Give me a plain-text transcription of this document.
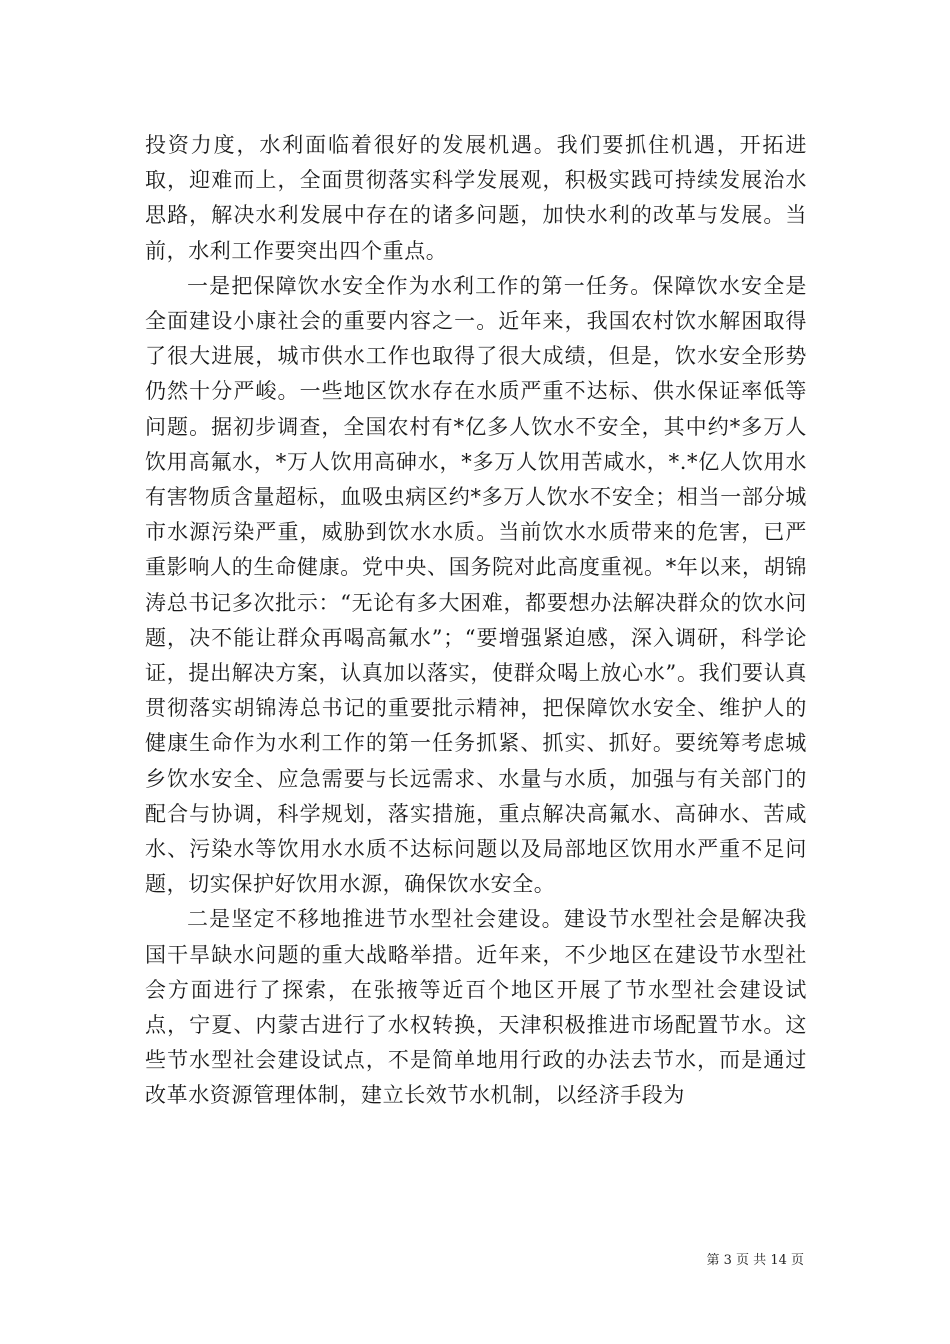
投资力度，水利面临着很好的发展机遇。我们要抓住机遇，开拓进取，迎难而上，全面贯彻落实科学发展观，积极实践可持续发展治水思路，解决水利发展中存在的诸多问题，加快水利的改革与发展。当前，水利工作要突出四个重点。

一是把保障饮水安全作为水利工作的第一任务。保障饮水安全是全面建设小康社会的重要内容之一。近年来，我国农村饮水解困取得了很大进展，城市供水工作也取得了很大成绩，但是，饮水安全形势仍然十分严峻。一些地区饮水存在水质严重不达标、供水保证率低等问题。据初步调查，全国农村有*亿多人饮水不安全，其中约*多万人饮用高氟水，*万人饮用高砷水，*多万人饮用苦咸水，*.*亿人饮用水有害物质含量超标，血吸虫病区约*多万人饮水不安全；相当一部分城市水源污染严重，威胁到饮水水质。当前饮水水质带来的危害，已严重影响人的生命健康。党中央、国务院对此高度重视。*年以来，胡锦涛总书记多次批示：“无论有多大困难，都要想办法解决群众的饮水问题，决不能让群众再喝高氟水”；“要增强紧迫感，深入调研，科学论证，提出解决方案，认真加以落实，使群众喝上放心水”。我们要认真贯彻落实胡锦涛总书记的重要批示精神，把保障饮水安全、维护人的健康生命作为水利工作的第一任务抓紧、抓实、抓好。要统筹考虑城乡饮水安全、应急需要与长远需求、水量与水质，加强与有关部门的配合与协调，科学规划，落实措施，重点解决高氟水、高砷水、苦咸水、污染水等饮用水水质不达标问题以及局部地区饮用水严重不足问题，切实保护好饮用水源，确保饮水安全。

二是坚定不移地推进节水型社会建设。建设节水型社会是解决我国干旱缺水问题的重大战略举措。近年来，不少地区在建设节水型社会方面进行了探索，在张掖等近百个地区开展了节水型社会建设试点，宁夏、内蒙古进行了水权转换，天津积极推进市场配置节水。这些节水型社会建设试点，不是简单地用行政的办法去节水，而是通过改革水资源管理体制，建立长效节水机制，以经济手段为

第 3 页 共 14 页
